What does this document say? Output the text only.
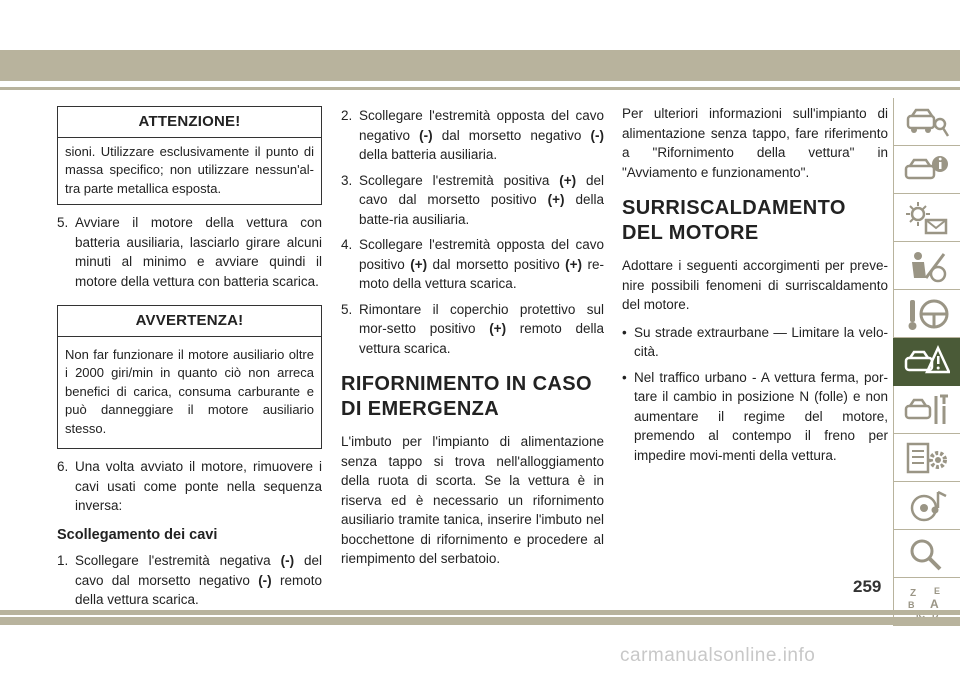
ATTENZIONE!
sioni. Utilizzare esclusivamente il punto di massa specifico; non utilizzare nessun'al-tra parte metallica esposta.
5. Avviare il motore della vettura con batteria ausiliaria, lasciarlo girare alcuni minuti al minimo e avviare quindi il motore della vettura con batteria scarica.
AVVERTENZA!
Non far funzionare il motore ausiliario oltre i 2000 giri/min in quanto ciò non arreca benefici di carica, consuma carburante e può danneggiare il motore ausiliario stesso.
6. Una volta avviato il motore, rimuovere i cavi usati come ponte nella sequenza inversa:
Scollegamento dei cavi
1. Scollegare l'estremità negativa (-) del cavo dal morsetto negativo (-) remoto della vettura scarica.
2. Scollegare l'estremità opposta del cavo negativo (-) dal morsetto negativo (-) della batteria ausiliaria.
3. Scollegare l'estremità positiva (+) del cavo dal morsetto positivo (+) della batte-ria ausiliaria.
4. Scollegare l'estremità opposta del cavo positivo (+) dal morsetto positivo (+) re-moto della vettura scarica.
5. Rimontare il coperchio protettivo sul mor-setto positivo (+) remoto della vettura scarica.
RIFORNIMENTO IN CASO DI EMERGENZA
L'imbuto per l'impianto di alimentazione senza tappo si trova nell'alloggiamento della ruota di scorta. Se la vettura è in riserva ed è necessario un rifornimento ausiliario tramite tanica, inserire l'imbuto nel bocchettone di rifornimento e procedere al riempimento del serbatoio.
Per ulteriori informazioni sull'impianto di alimentazione senza tappo, fare riferimento a "Rifornimento della vettura" in "Avviamento e funzionamento".
SURRISCALDAMENTO DEL MOTORE
Adottare i seguenti accorgimenti per preve-nire possibili fenomeni di surriscaldamento del motore.
• Su strade extraurbane — Limitare la velo-cità.
• Nel traffico urbano - A vettura ferma, por-tare il cambio in posizione N (folle) e non aumentare il regime del motore, premendo al contempo il freno per impedire movi-menti della vettura.
Z E
B A
259
carmanualsonline.info
